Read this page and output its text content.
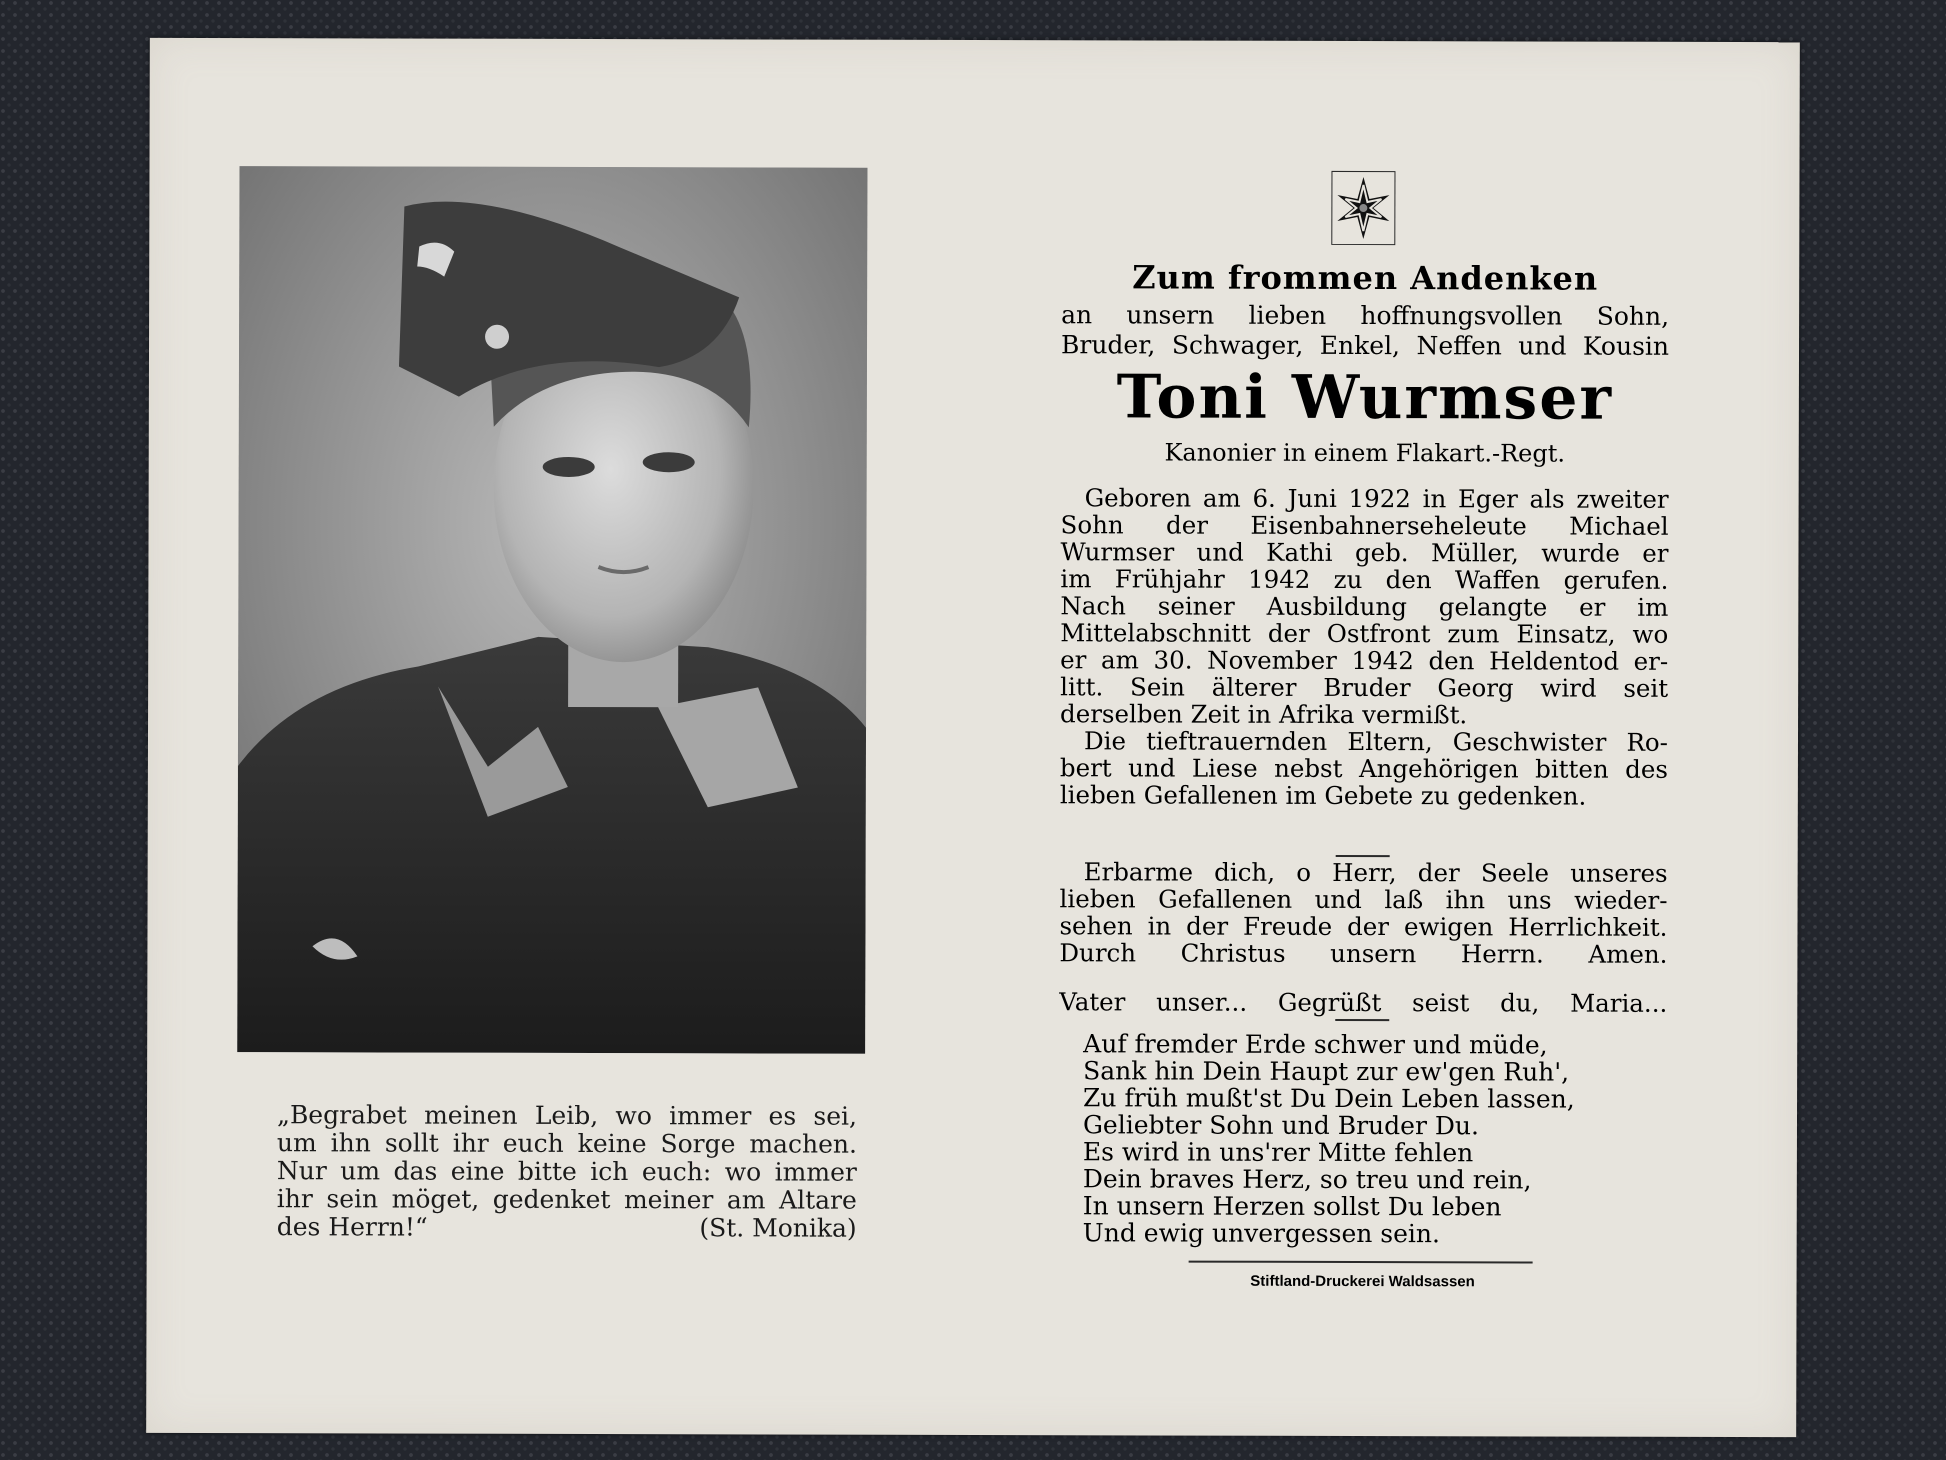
„Begrabet meinen Leib, wo immer es sei,
um ihn sollt ihr euch keine Sorge machen.
Nur um das eine bitte ich euch: wo immer
ihr sein möget, gedenket meiner am Altare
des Herrn!“	(St. Monika)
Zum frommen Andenken
an unsern lieben hoffnungsvollen Sohn,
Bruder, Schwager, Enkel, Neffen und Kousin
Toni Wurmser
Kanonier in einem Flakart.-Regt.
Geboren am 6. Juni 1922 in Eger als zweiter
Sohn der Eisenbahnerseheleute Michael
Wurmser und Kathi geb. Müller, wurde er
im Frühjahr 1942 zu den Waffen gerufen.
Nach seiner Ausbildung gelangte er im
Mittelabschnitt der Ostfront zum Einsatz, wo
er am 30. November 1942 den Heldentod er-
litt. Sein älterer Bruder Georg wird seit
derselben Zeit in Afrika vermißt.
Die tieftrauernden Eltern, Geschwister Ro-
bert und Liese nebst Angehörigen bitten des
lieben Gefallenen im Gebete zu gedenken.
Erbarme dich, o Herr, der Seele unseres
lieben Gefallenen und laß ihn uns wieder-
sehen in der Freude der ewigen Herrlichkeit.
Durch Christus unsern Herrn. Amen.
Vater unser... Gegrüßt seist du, Maria...
Auf fremder Erde schwer und müde,
Sank hin Dein Haupt zur ew'gen Ruh',
Zu früh mußt'st Du Dein Leben lassen,
Geliebter Sohn und Bruder Du.
Es wird in uns'rer Mitte fehlen
Dein braves Herz, so treu und rein,
In unsern Herzen sollst Du leben
Und ewig unvergessen sein.
Stiftland-Druckerei Waldsassen
